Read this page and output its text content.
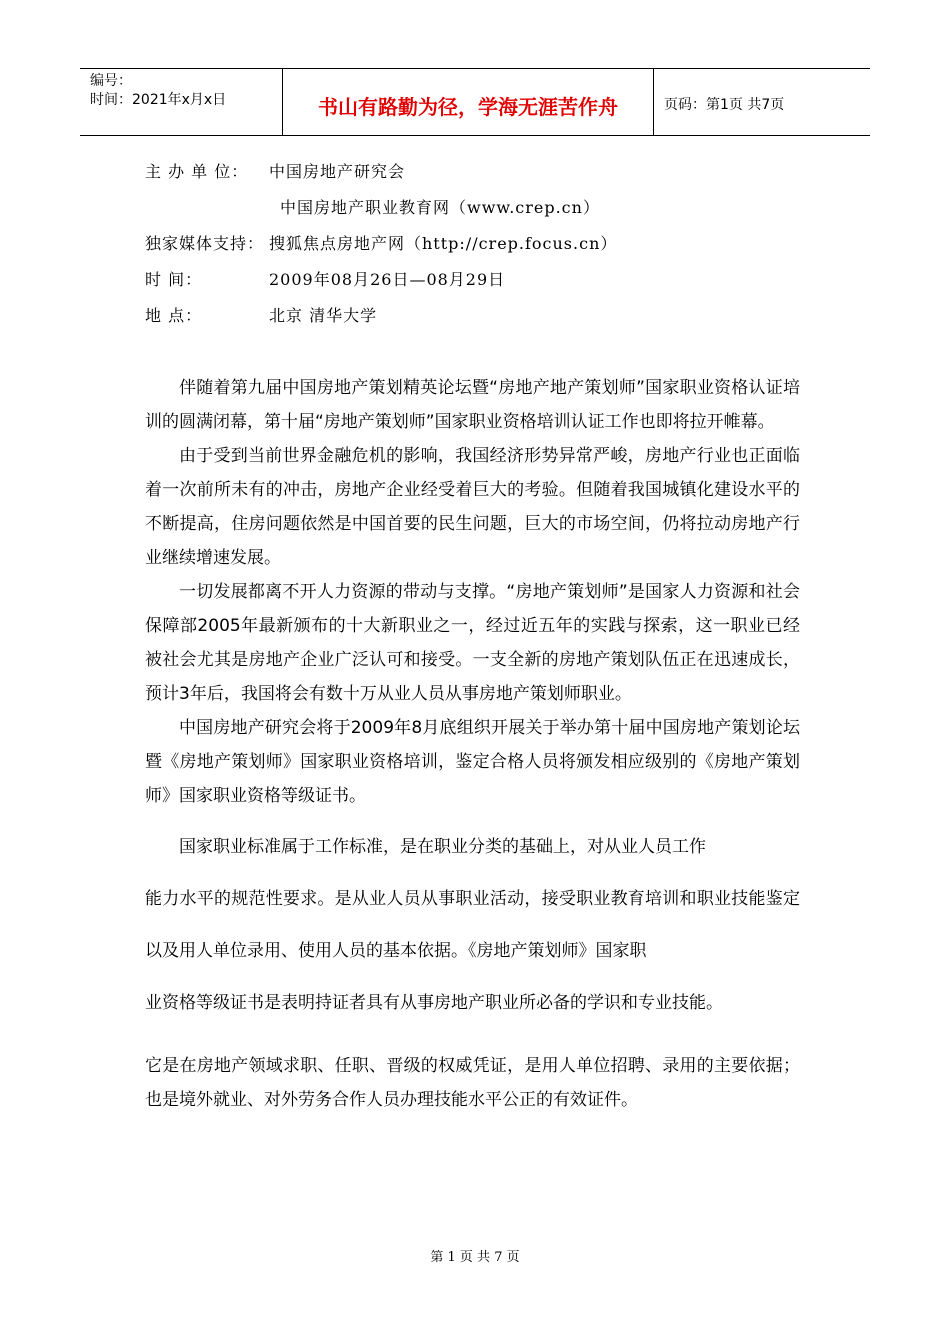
编号：
时间：2021年x月x日	书山有路勤为径，学海无涯苦作舟	页码：第1页 共7页
主 办 单 位： 中国房地产研究会
中国房地产职业教育网（www.crep.cn）
独家媒体支持： 搜狐焦点房地产网（http://crep.focus.cn）
时 间：	2009年08月26日—08月29日
地 点：	北京 清华大学

伴随着第九届中国房地产策划精英论坛暨“房地产地产策划师”国家职业资格认证培训的圆满闭幕，第十届“房地产策划师”国家职业资格培训认证工作也即将拉开帷幕。

由于受到当前世界金融危机的影响，我国经济形势异常严峻，房地产行业也正面临着一次前所未有的冲击，房地产企业经受着巨大的考验。但随着我国城镇化建设水平的不断提高，住房问题依然是中国首要的民生问题，巨大的市场空间，仍将拉动房地产行业继续增速发展。

一切发展都离不开人力资源的带动与支撑。“房地产策划师”是国家人力资源和社会保障部2005年最新颁布的十大新职业之一，经过近五年的实践与探索，这一职业已经被社会尤其是房地产企业广泛认可和接受。一支全新的房地产策划队伍正在迅速成长，预计3年后，我国将会有数十万从业人员从事房地产策划师职业。

中国房地产研究会将于2009年8月底组织开展关于举办第十届中国房地产策划论坛暨《房地产策划师》国家职业资格培训，鉴定合格人员将颁发相应级别的《房地产策划师》国家职业资格等级证书。

国家职业标准属于工作标准，是在职业分类的基础上，对从业人员工作

能力水平的规范性要求。是从业人员从事职业活动，接受职业教育培训和职业技能鉴定以及用人单位录用、使用人员的基本依据。《房地产策划师》国家职

业资格等级证书是表明持证者具有从事房地产职业所必备的学识和专业技能。

它是在房地产领域求职、任职、晋级的权威凭证，是用人单位招聘、录用的主要依据；也是境外就业、对外劳务合作人员办理技能水平公正的有效证件。

第 1 页 共 7 页
